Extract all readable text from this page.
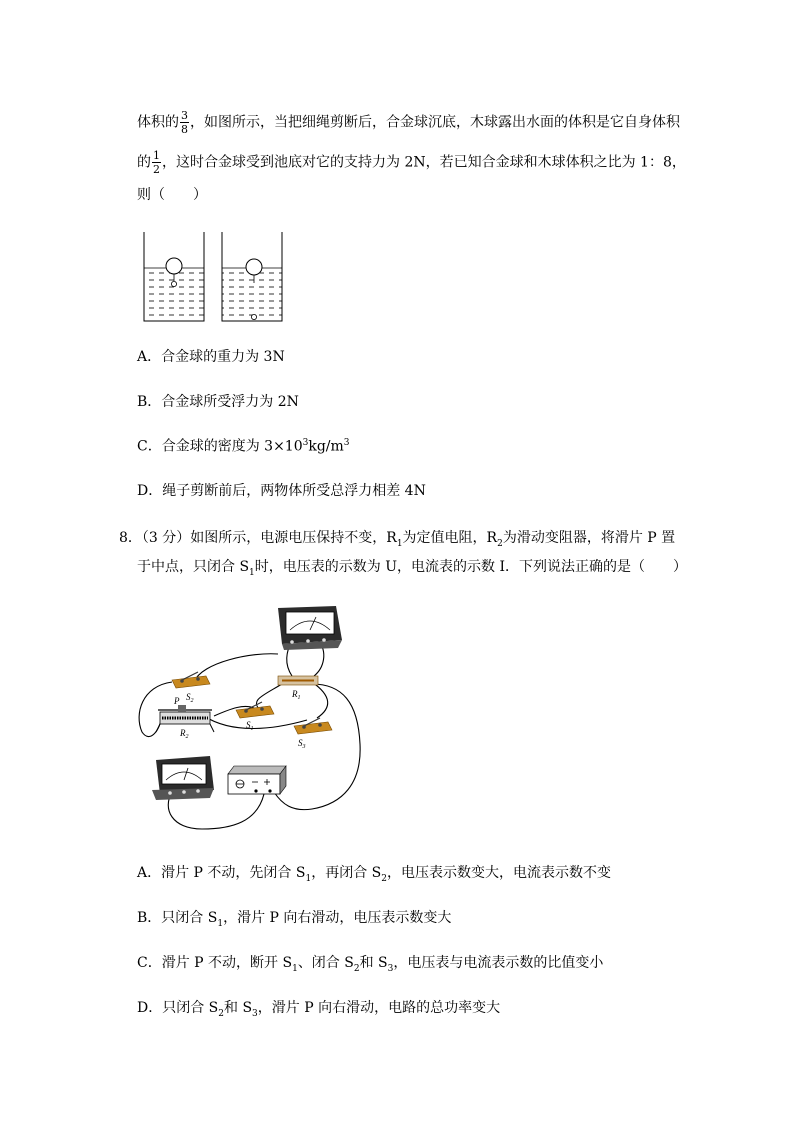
体积的 $\frac{3}{8}$ ，如图所示，当把细绳剪断后，合金球沉底，木球露出水面的体积是它自身体积
的 $\frac{1}{2}$ ，这时合金球受到池底对它的支持力为 2N，若已知合金球和木球体积之比为 1：8，
则（　　）
A．合金球的重力为 3N
B．合金球所受浮力为 2N
C．合金球的密度为 $3\times 10^3kg/m^3$
D．绳子剪断前后，两物体所受总浮力相差 4N
8．（3 分）如图所示，电源电压保持不变，$R_1$为定值电阻，$R_2$为滑动变阻器，将滑片 P 置
于中点，只闭合 $S_1$时，电压表的示数为 U，电流表的示数 I．下列说法正确的是（　　）
$S_2$
$R_1$
$S_1$
$S_3$
P
$R_2$
A．滑片 P 不动，先闭合 $S_1$，再闭合 $S_2$，电压表示数变大，电流表示数不变
B．只闭合 $S_1$，滑片 P 向右滑动，电压表示数变大
C．滑片 P 不动，断开 $S_1$、闭合 $S_2$和 $S_3$，电压表与电流表示数的比值变小
D．只闭合 $S_2$和 $S_3$，滑片 P 向右滑动，电路的总功率变大
